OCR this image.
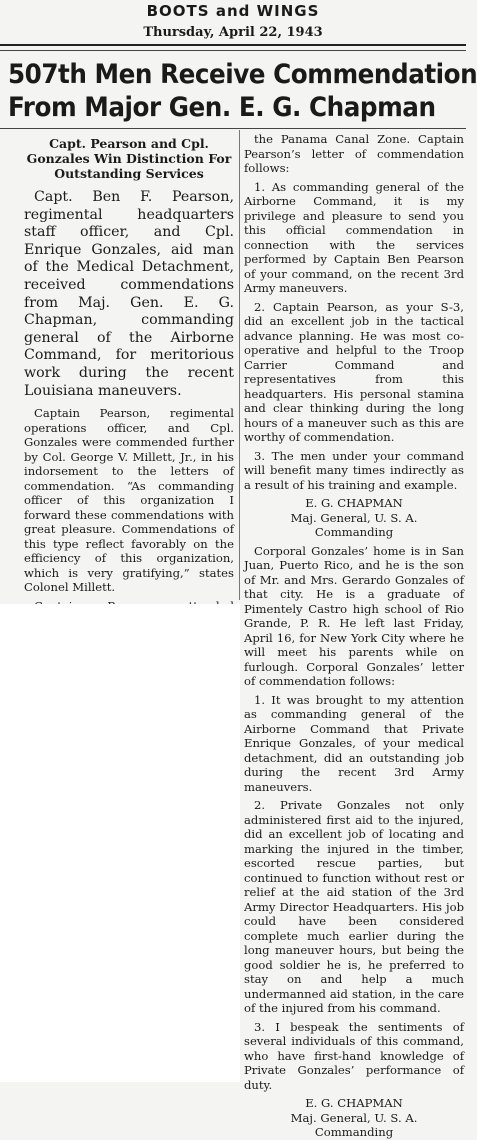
BOOTS and WINGS
Thursday, April 22, 1943
507th Men Receive Commendation
From Major Gen. E. G. Chapman
Capt. Pearson and Cpl. Gonzales Win Distinction For Outstanding Services

Capt. Ben F. Pearson, regimental headquarters staff officer, and Cpl. Enrique Gonzales, aid man of the Medical Detachment, received commendations from Maj. Gen. E. G. Chapman, commanding general of the Airborne Command, for meritorious work during the recent Louisiana maneuvers.

Captain Pearson, regimental operations officer, and Cpl. Gonzales were commended further by Col. George V. Millett, Jr., in his indorsement to the letters of commendation. “As commanding officer of this organization I forward these commendations with great pleasure. Commendations of this type reflect favorably on the efficiency of this organization, which is very gratifying,” states Colonel Millett.

the Panama Canal Zone. Captain Pearson’s letter of commendation follows:

1. As commanding general of the Airborne Command, it is my privilege and pleasure to send you this official commendation in connection with the services performed by Captain Ben Pearson of your command, on the recent 3rd Army maneuvers.

2. Captain Pearson, as your S-3, did an excellent job in the tactical advance planning. He was most co-operative and helpful to the Troop Carrier Command and representatives from this headquarters. His personal stamina and clear thinking during the long hours of a maneuver such as this are worthy of commendation.

3. The men under your command will benefit many times indirectly as a result of his training and example.

E. G. CHAPMAN

Maj. General, U. S. A.

Commanding

Corporal Gonzales’ home is in San Juan, Puerto Rico, and he is the son of Mr. and Mrs. Gerardo Gonzales of that city. He is a graduate of Pimentely Castro high school of Rio Grande, P. R. He left last Friday, April 16, for New York City where he will meet his parents while on furlough. Corporal Gonzales’ letter of commendation follows:

1. It was brought to my attention as commanding general of the Airborne Command that Private Enrique Gonzales, of your medical detachment, did an outstanding job during the recent 3rd Army maneuvers.

2. Private Gonzales not only administered first aid to the injured, did an excellent job of locating and marking the injured in the timber, escorted rescue parties, but continued to function without rest or relief at the aid station of the 3rd Army Director Headquarters. His job could have been considered complete much earlier during the long maneuver hours, but being the good soldier he is, he preferred to stay on and help a much undermanned aid station, in the care of the injured from his command.

3. I bespeak the sentiments of several individuals of this command, who have first-hand knowledge of Private Gonzales’ performance of duty.

E. G. CHAPMAN

Maj. General, U. S. A.

Commanding
